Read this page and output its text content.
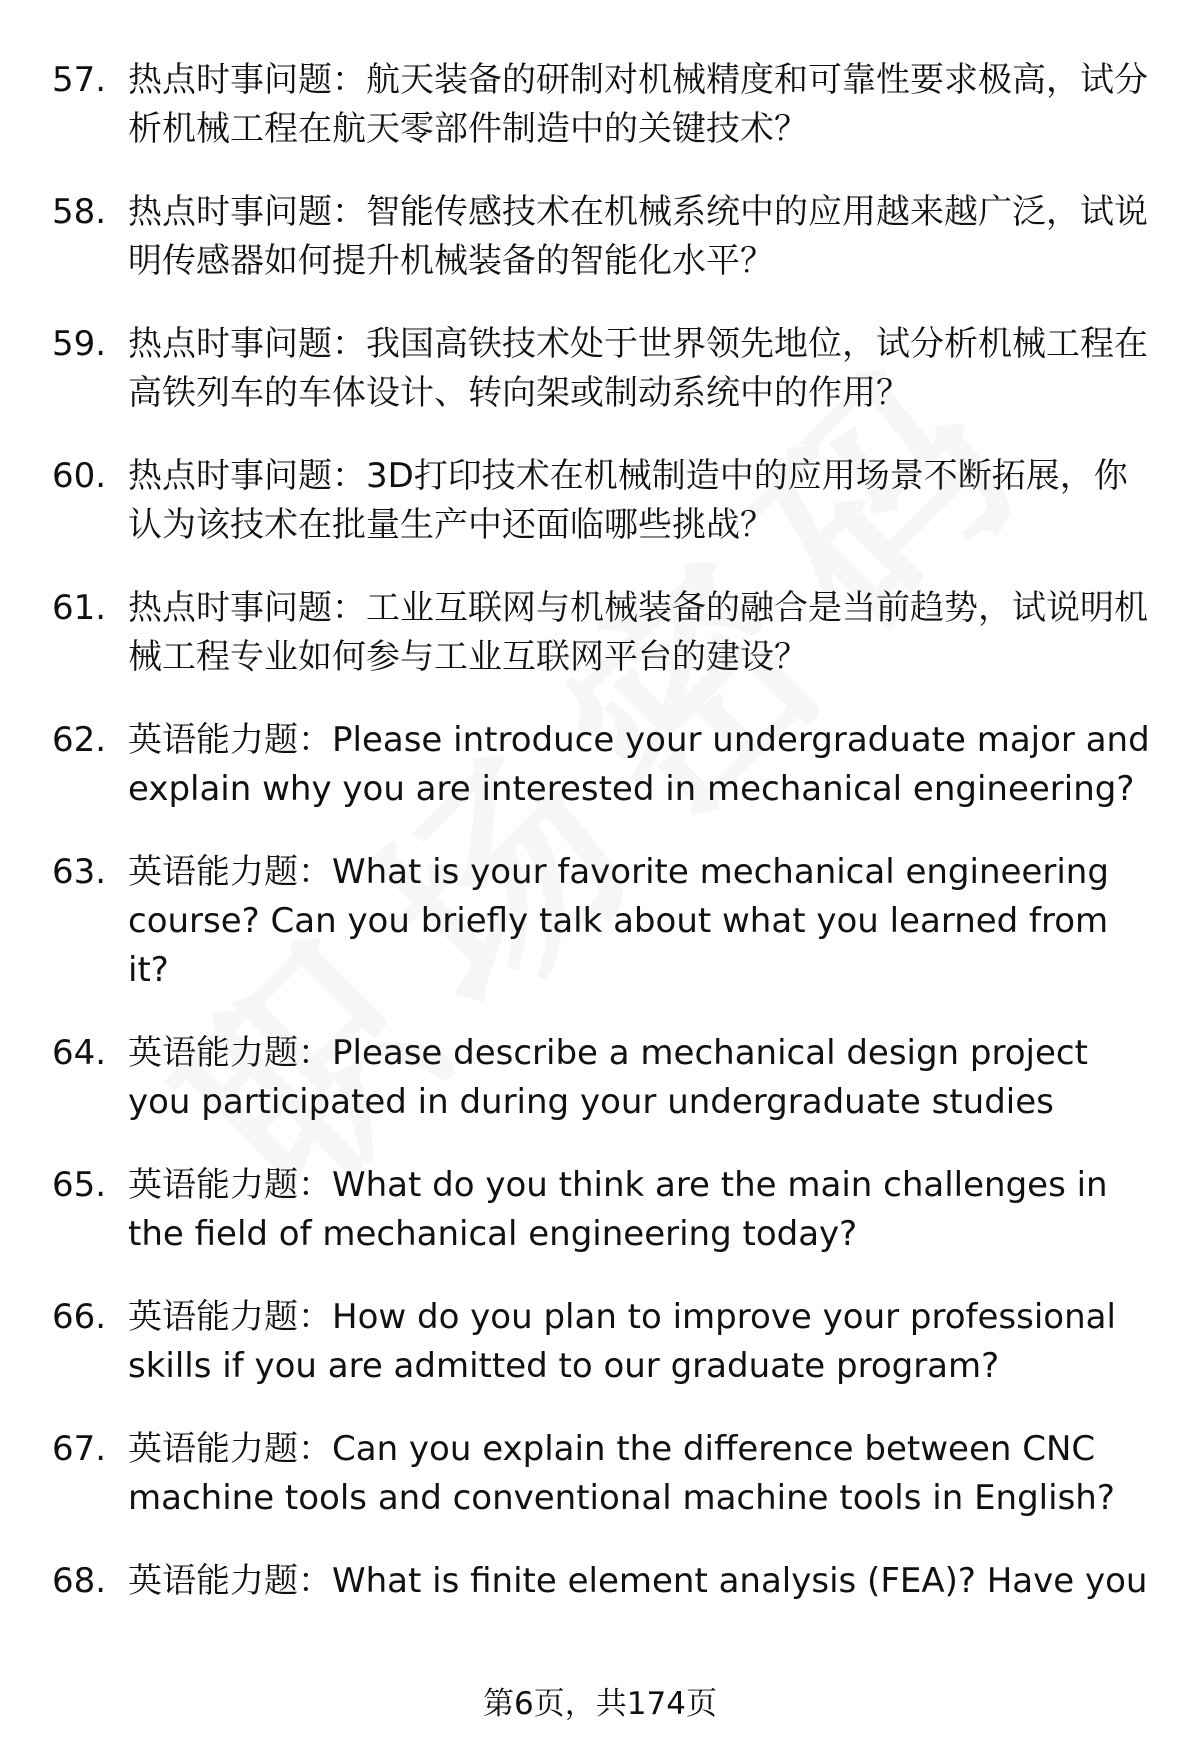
57. 热点时事问题：航天装备的研制对机械精度和可靠性要求极高，试分析机械工程在航天零部件制造中的关键技术？
58. 热点时事问题：智能传感技术在机械系统中的应用越来越广泛，试说明传感器如何提升机械装备的智能化水平？
59. 热点时事问题：我国高铁技术处于世界领先地位，试分析机械工程在高铁列车的车体设计、转向架或制动系统中的作用？
60. 热点时事问题：3D打印技术在机械制造中的应用场景不断拓展，你认为该技术在批量生产中还面临哪些挑战？
61. 热点时事问题：工业互联网与机械装备的融合是当前趋势，试说明机械工程专业如何参与工业互联网平台的建设？
62. 英语能力题：Please introduce your undergraduate major and explain why you are interested in mechanical engineering?
63. 英语能力题：What is your favorite mechanical engineering course? Can you briefly talk about what you learned from it?
64. 英语能力题：Please describe a mechanical design project you participated in during your undergraduate studies
65. 英语能力题：What do you think are the main challenges in the field of mechanical engineering today?
66. 英语能力题：How do you plan to improve your professional skills if you are admitted to our graduate program?
67. 英语能力题：Can you explain the difference between CNC machine tools and conventional machine tools in English?
68. 英语能力题：What is finite element analysis (FEA)? Have you
第6页，共174页
